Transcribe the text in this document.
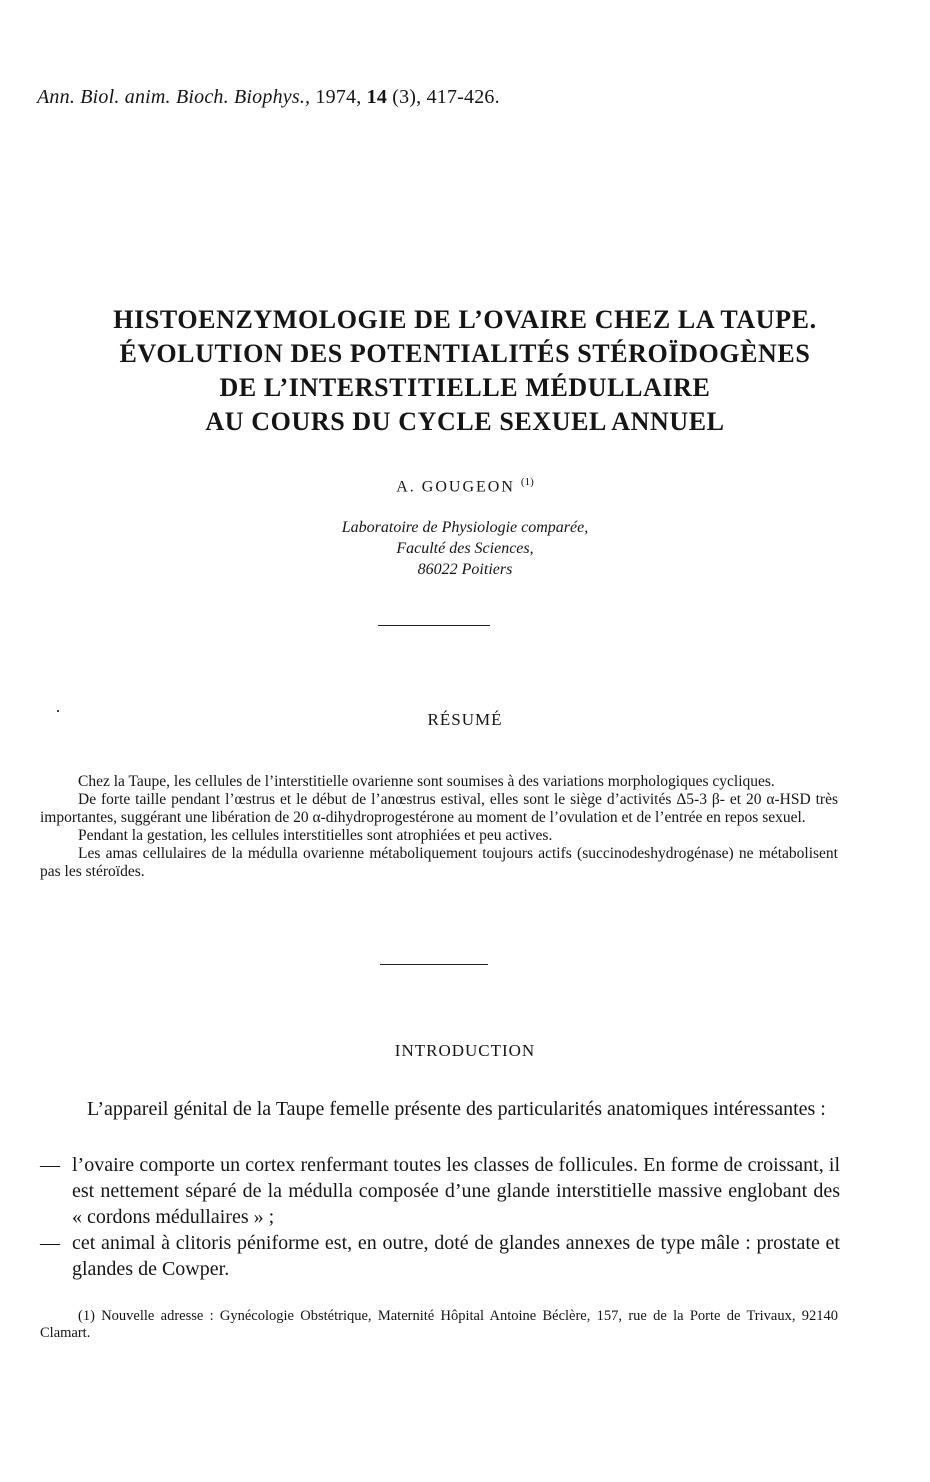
Ann. Biol. anim. Bioch. Biophys., 1974, 14 (3), 417-426.
HISTOENZYMOLOGIE DE L’OVAIRE CHEZ LA TAUPE.
ÉVOLUTION DES POTENTIALITÉS STÉROÏDOGÈNES
DE L’INTERSTITIELLE MÉDULLAIRE
AU COURS DU CYCLE SEXUEL ANNUEL
A. GOUGEON $^{(1)}$
Laboratoire de Physiologie comparée,
Faculté des Sciences,
86022 Poitiers
RÉSUMÉ

Chez la Taupe, les cellules de l’interstitielle ovarienne sont soumises à des variations morphologiques cycliques.

De forte taille pendant l’œstrus et le début de l’anœstrus estival, elles sont le siège d’activités Δ5-3 β- et 20 α-HSD très importantes, suggérant une libération de 20 α-dihydroprogestérone au moment de l’ovulation et de l’entrée en repos sexuel.

Pendant la gestation, les cellules interstitielles sont atrophiées et peu actives.

Les amas cellulaires de la médulla ovarienne métaboliquement toujours actifs (succinodeshydrogénase) ne métabolisent pas les stéroïdes.

INTRODUCTION

L’appareil génital de la Taupe femelle présente des particularités anatomiques intéressantes :

— l’ovaire comporte un cortex renfermant toutes les classes de follicules. En forme de croissant, il est nettement séparé de la médulla composée d’une glande interstitielle massive englobant des « cordons médullaires » ;
— cet animal à clitoris péniforme est, en outre, doté de glandes annexes de type mâle : prostate et glandes de Cowper.

(1) Nouvelle adresse : Gynécologie Obstétrique, Maternité Hôpital Antoine Béclère, 157, rue de la Porte de Trivaux, 92140 Clamart.
